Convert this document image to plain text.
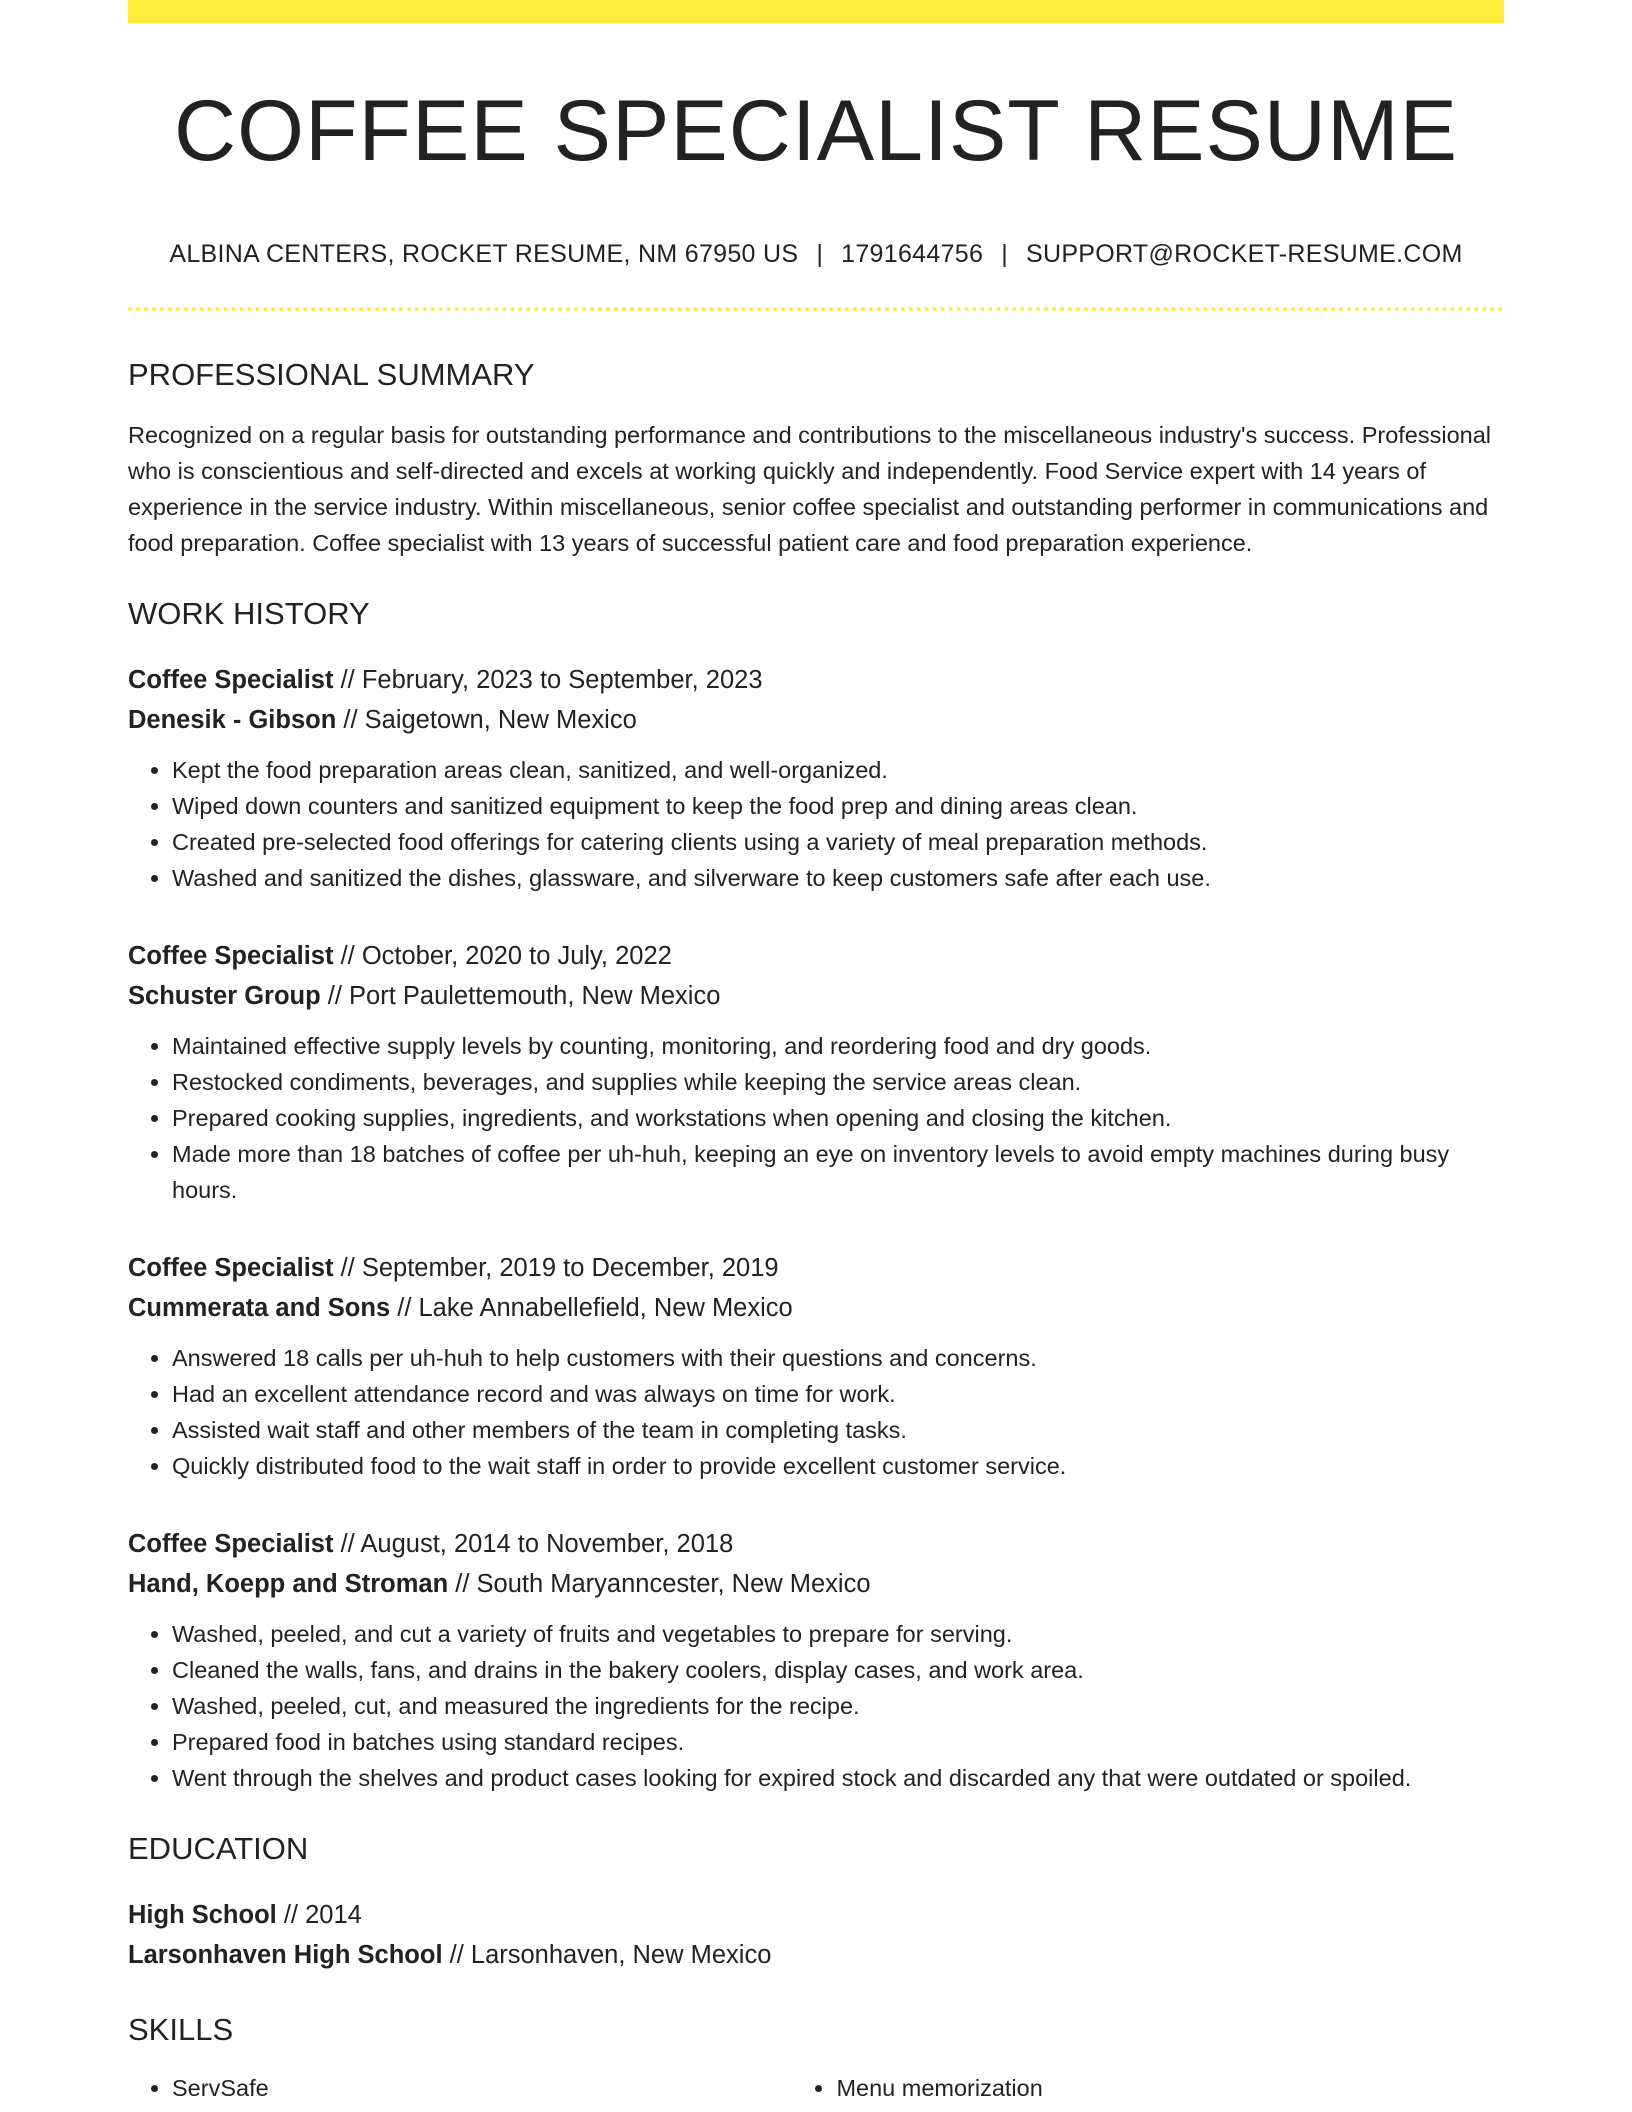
COFFEE SPECIALIST RESUME
ALBINA CENTERS, ROCKET RESUME, NM 67950 US | 1791644756 | SUPPORT@ROCKET-RESUME.COM
PROFESSIONAL SUMMARY
Recognized on a regular basis for outstanding performance and contributions to the miscellaneous industry's success. Professional who is conscientious and self-directed and excels at working quickly and independently. Food Service expert with 14 years of experience in the service industry. Within miscellaneous, senior coffee specialist and outstanding performer in communications and food preparation. Coffee specialist with 13 years of successful patient care and food preparation experience.
WORK HISTORY
Coffee Specialist // February, 2023 to September, 2023
Denesik - Gibson // Saigetown, New Mexico
• Kept the food preparation areas clean, sanitized, and well-organized.
• Wiped down counters and sanitized equipment to keep the food prep and dining areas clean.
• Created pre-selected food offerings for catering clients using a variety of meal preparation methods.
• Washed and sanitized the dishes, glassware, and silverware to keep customers safe after each use.
Coffee Specialist // October, 2020 to July, 2022
Schuster Group // Port Paulettemouth, New Mexico
• Maintained effective supply levels by counting, monitoring, and reordering food and dry goods.
• Restocked condiments, beverages, and supplies while keeping the service areas clean.
• Prepared cooking supplies, ingredients, and workstations when opening and closing the kitchen.
• Made more than 18 batches of coffee per uh-huh, keeping an eye on inventory levels to avoid empty machines during busy hours.
Coffee Specialist // September, 2019 to December, 2019
Cummerata and Sons // Lake Annabellefield, New Mexico
• Answered 18 calls per uh-huh to help customers with their questions and concerns.
• Had an excellent attendance record and was always on time for work.
• Assisted wait staff and other members of the team in completing tasks.
• Quickly distributed food to the wait staff in order to provide excellent customer service.
Coffee Specialist // August, 2014 to November, 2018
Hand, Koepp and Stroman // South Maryanncester, New Mexico
• Washed, peeled, and cut a variety of fruits and vegetables to prepare for serving.
• Cleaned the walls, fans, and drains in the bakery coolers, display cases, and work area.
• Washed, peeled, cut, and measured the ingredients for the recipe.
• Prepared food in batches using standard recipes.
• Went through the shelves and product cases looking for expired stock and discarded any that were outdated or spoiled.
EDUCATION
High School // 2014
Larsonhaven High School // Larsonhaven, New Mexico
SKILLS
• ServSafe
•	Menu memorization
